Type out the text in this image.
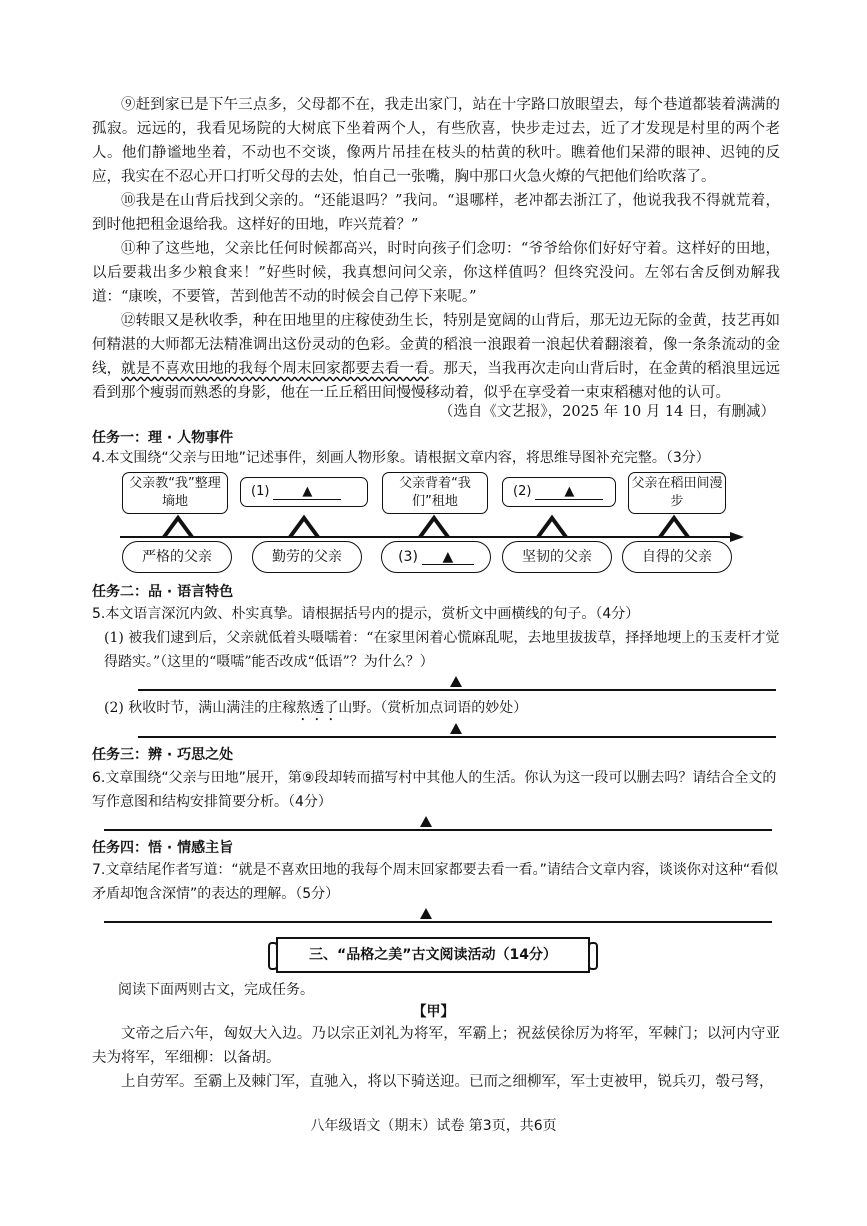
⑨赶到家已是下午三点多，父母都不在，我走出家门，站在十字路口放眼望去，每个巷道都装着满满的孤寂。远远的，我看见场院的大树底下坐着两个人，有些欣喜，快步走过去，近了才发现是村里的两个老人。他们静谧地坐着，不动也不交谈，像两片吊挂在枝头的枯黄的秋叶。瞧着他们呆滞的眼神、迟钝的反应，我实在不忍心开口打听父母的去处，怕自己一张嘴，胸中那口火急火燎的气把他们给吹落了。
⑩我是在山背后找到父亲的。“还能退吗？”我问。“退哪样，老冲都去浙江了，他说我我不得就荒着，到时他把租金退给我。这样好的田地，咋兴荒着？”
⑪种了这些地，父亲比任何时候都高兴，时时向孩子们念叨：“爷爷给你们好好守着。这样好的田地，以后要栽出多少粮食来！”好些时候，我真想问问父亲，你这样值吗？但终究没问。左邻右舍反倒劝解我道：“康唉，不要管，苦到他苦不动的时候会自己停下来呢。”
⑫转眼又是秋收季，种在田地里的庄稼使劲生长，特别是宽阔的山背后，那无边无际的金黄，技艺再如何精湛的大师都无法精准调出这份灵动的色彩。金黄的稻浪一浪跟着一浪起伏着翻滚着，像一条条流动的金线，就是不喜欢田地的我每个周末回家都要去看一看。那天，当我再次走向山背后时，在金黄的稻浪里远远看到那个瘦弱而熟悉的身影，他在一丘丘稻田间慢慢移动着，似乎在享受着一束束稻穗对他的认可。
（选自《文艺报》，2025 年 10 月 14 日，有删减）
任务一：理 · 人物事件
4.本文围绕“父亲与田地”记述事件，刻画人物形象。请根据文章内容，将思维导图补充完整。（3分）
父亲教“我”整理墒地
(1)	▲	父亲背着“我们”租地
(2)	▲	父亲在稻田间漫步
严格的父亲	勤劳的父亲	(3)	▲	坚韧的父亲	自得的父亲
任务二：品 · 语言特色
5.本文语言深沉内敛、朴实真挚。请根据括号内的提示，赏析文中画横线的句子。（4分）
(1) 被我们逮到后，父亲就低着头嗫嚅着：“在家里闲着心慌麻乱呢，去地里拔拔草，择择地埂上的玉麦杆才觉得踏实。”（这里的“嗫嚅”能否改成“低语”？为什么？）
(2) 秋收时节，满山满洼的庄稼熬透了山野。（赏析加点词语的妙处）
任务三：辨 · 巧思之处
6.文章围绕“父亲与田地”展开，第⑨段却转而描写村中其他人的生活。你认为这一段可以删去吗？请结合全文的写作意图和结构安排简要分析。（4分）
任务四：悟 · 情感主旨
7.文章结尾作者写道：“就是不喜欢田地的我每个周末回家都要去看一看。”请结合文章内容，谈谈你对这种“看似矛盾却饱含深情”的表达的理解。（5分）
三、“品格之美”古文阅读活动（14分）
阅读下面两则古文，完成任务。
【甲】
文帝之后六年，匈奴大入边。乃以宗正刘礼为将军，军霸上；祝兹侯徐厉为将军，军棘门；以河内守亚夫为将军，军细柳：以备胡。
上自劳军。至霸上及棘门军，直驰入，将以下骑送迎。已而之细柳军，军士吏被甲，锐兵刃，彀弓弩，
八年级语文（期末）试卷 第3页，共6页
